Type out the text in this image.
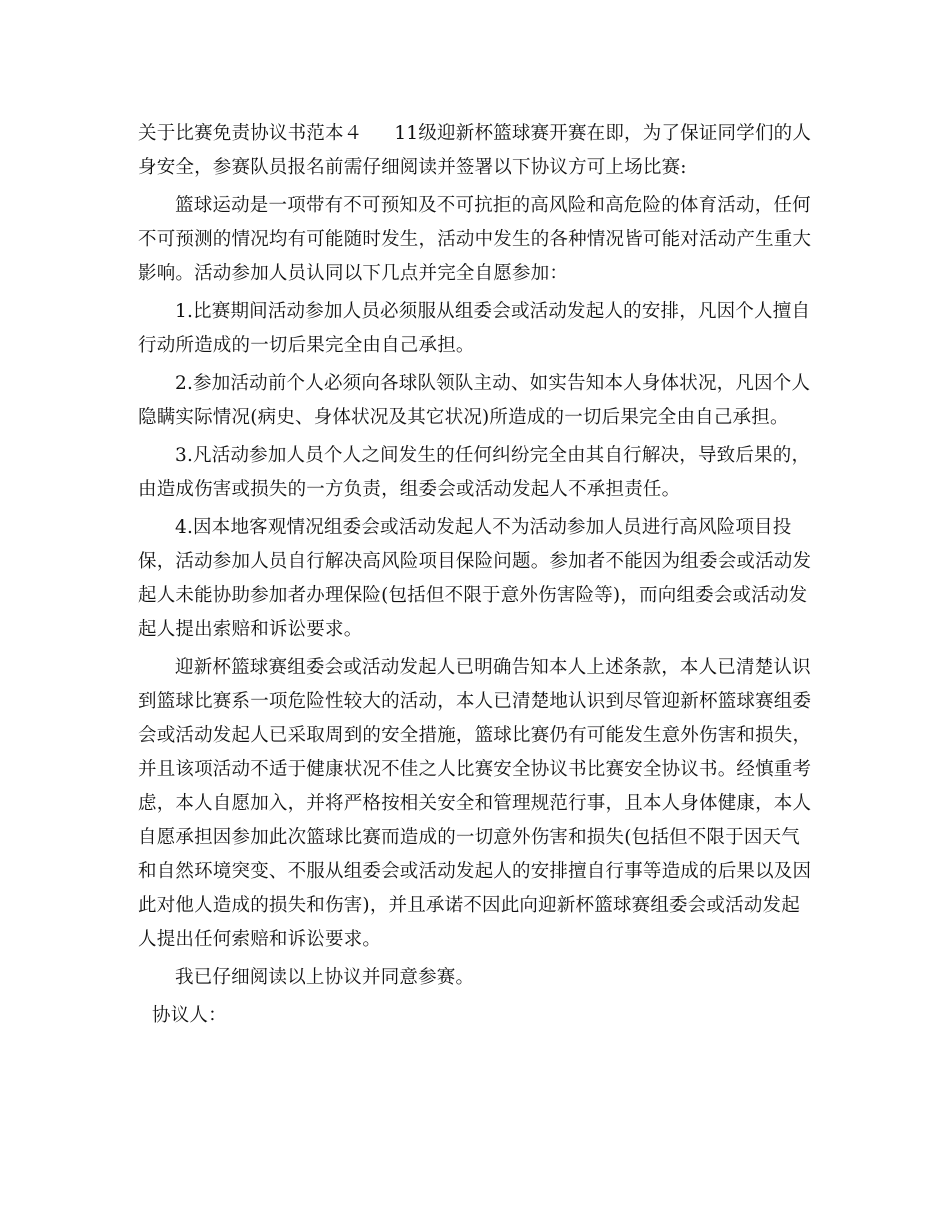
关于比赛免责协议书范本４ 11级迎新杯篮球赛开赛在即，为了保证同学们的人
身安全，参赛队员报名前需仔细阅读并签署以下协议方可上场比赛:
篮球运动是一项带有不可预知及不可抗拒的高风险和高危险的体育活动，任何
不可预测的情况均有可能随时发生，活动中发生的各种情况皆可能对活动产生重大
影响。活动参加人员认同以下几点并完全自愿参加：
1.比赛期间活动参加人员必须服从组委会或活动发起人的安排，凡因个人擅自
行动所造成的一切后果完全由自己承担。
2.参加活动前个人必须向各球队领队主动、如实告知本人身体状况，凡因个人
隐瞒实际情况(病史、身体状况及其它状况)所造成的一切后果完全由自己承担。
3.凡活动参加人员个人之间发生的任何纠纷完全由其自行解决，导致后果的，
由造成伤害或损失的一方负责，组委会或活动发起人不承担责任。
4.因本地客观情况组委会或活动发起人不为活动参加人员进行高风险项目投
保，活动参加人员自行解决高风险项目保险问题。参加者不能因为组委会或活动发
起人未能协助参加者办理保险(包括但不限于意外伤害险等)，而向组委会或活动发
起人提出索赔和诉讼要求。
迎新杯篮球赛组委会或活动发起人已明确告知本人上述条款，本人已清楚认识
到篮球比赛系一项危险性较大的活动，本人已清楚地认识到尽管迎新杯篮球赛组委
会或活动发起人已采取周到的安全措施，篮球比赛仍有可能发生意外伤害和损失，
并且该项活动不适于健康状况不佳之人比赛安全协议书比赛安全协议书。经慎重考
虑，本人自愿加入，并将严格按相关安全和管理规范行事，且本人身体健康，本人
自愿承担因参加此次篮球比赛而造成的一切意外伤害和损失(包括但不限于因天气
和自然环境突变、不服从组委会或活动发起人的安排擅自行事等造成的后果以及因
此对他人造成的损失和伤害)，并且承诺不因此向迎新杯篮球赛组委会或活动发起
人提出任何索赔和诉讼要求。
我已仔细阅读以上协议并同意参赛。
协议人：
